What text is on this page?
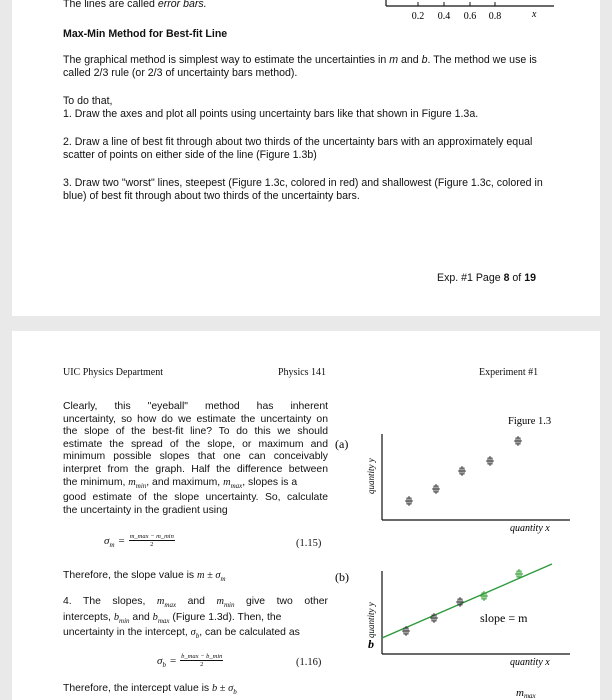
The lines are called error bars.

0.2 0.4 0.6 0.8	x

Max-Min Method for Best-fit Line

The graphical method is simplest way to estimate the uncertainties in m and b. The method we use is called 2/3 rule (or 2/3 of uncertainty bars method).

To do that,

1. Draw the axes and plot all points using uncertainty bars like that shown in Figure 1.3a.

2. Draw a line of best fit through about two thirds of the uncertainty bars with an approximately equal scatter of points on either side of the line (Figure 1.3b)

3. Draw two "worst" lines, steepest (Figure 1.3c, colored in red) and shallowest (Figure 1.3c, colored in blue) of best fit through about two thirds of the uncertainty bars.

Exp. #1 Page 8 of 19

UIC Physics Department	Physics 141	Experiment #1

Clearly, this "eyeball" method has inherent
uncertainty, so how do we estimate the uncertainty on
the slope of the best-fit line? To do this we should
estimate the spread of the slope, or maximum and
minimum possible slopes that one can conceivably
interpret from the graph. Half the difference between
the minimum, $m_{min}$, and maximum, $m_{max}$, slopes is a
good estimate of the slope uncertainty. So, calculate
the uncertainty in the gradient using
$\sigma_m$ = m_max − m_min
2	(1.15)

Therefore, the slope value is $m \pm \sigma_m$

4. The slopes, $m_{max}$ and $m_{min}$ give two other
intercepts, $b_{min}$ and $b_{max}$ (Figure 1.3d). Then, the
uncertainty in the intercept, $\sigma_b$, can be calculated as
$\sigma_b$ = b_max − b_min
2	(1.16)

Therefore, the intercept value is $b \pm \sigma_b$

Figure 1.3
(a)
quantity y
quantity x
(b)
quantity y	slope = m
b
quantity x
mmax
